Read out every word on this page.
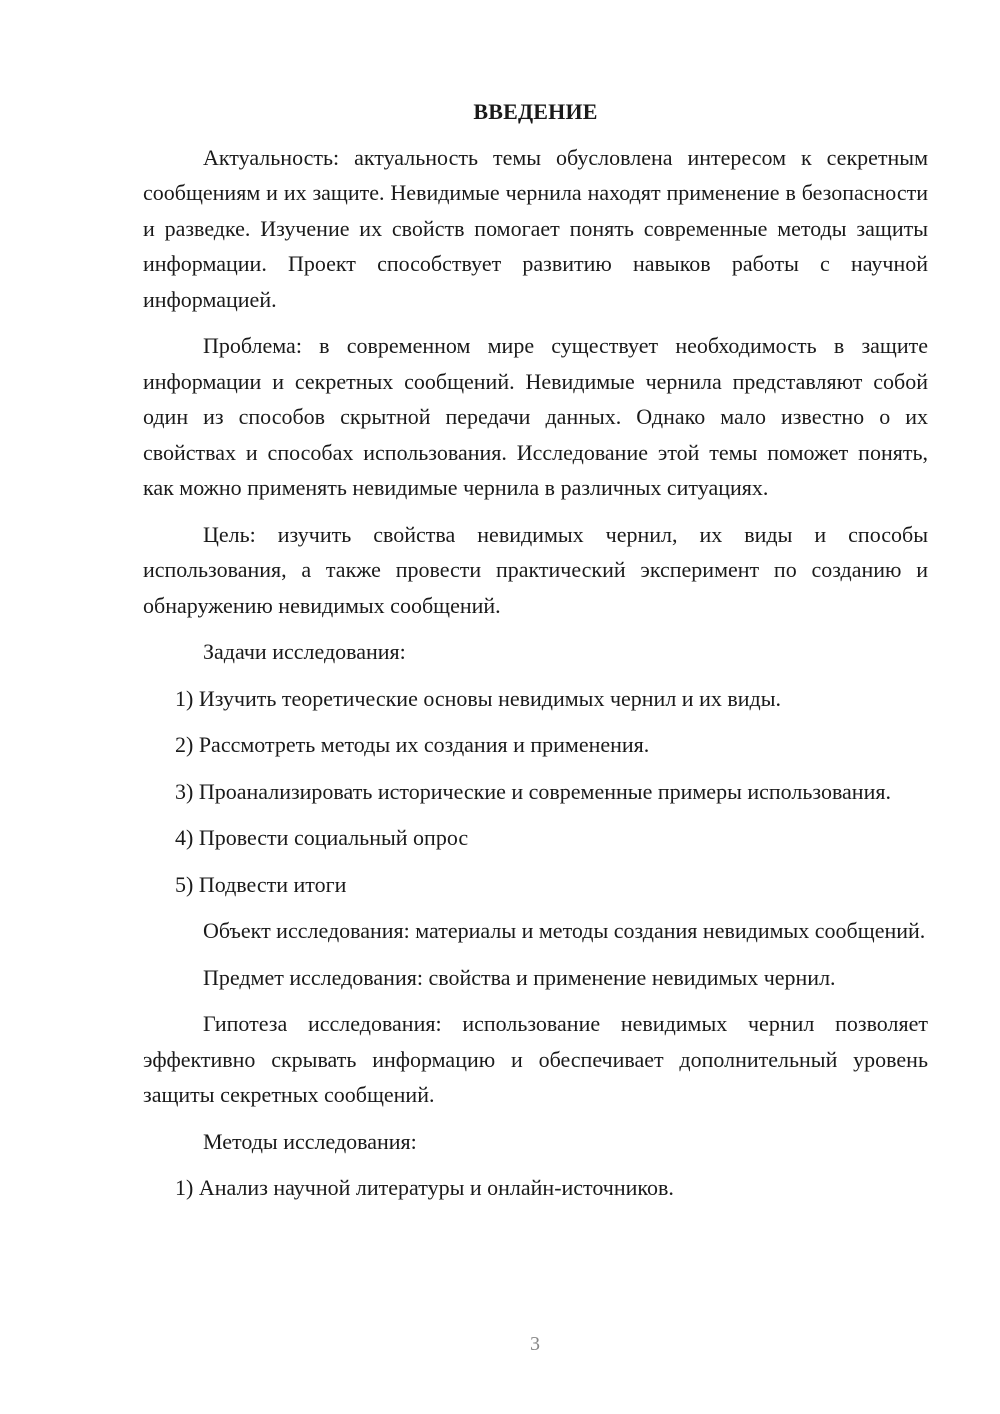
ВВЕДЕНИЕ

Актуальность: актуальность темы обусловлена интересом к секретным сообщениям и их защите. Невидимые чернила находят применение в безопасности и разведке. Изучение их свойств помогает понять современные методы защиты информации. Проект способствует развитию навыков работы с научной информацией.

Проблема: в современном мире существует необходимость в защите информации и секретных сообщений. Невидимые чернила представляют собой один из способов скрытной передачи данных. Однако мало известно о их свойствах и способах использования. Исследование этой темы поможет понять, как можно применять невидимые чернила в различных ситуациях.

Цель: изучить свойства невидимых чернил, их виды и способы использования, а также провести практический эксперимент по созданию и обнаружению невидимых сообщений.

Задачи исследования:

1) Изучить теоретические основы невидимых чернил и их виды.

2) Рассмотреть методы их создания и применения.

3) Проанализировать исторические и современные примеры использования.

4) Провести социальный опрос

5) Подвести итоги

Объект исследования: материалы и методы создания невидимых сообщений.

Предмет исследования: свойства и применение невидимых чернил.

Гипотеза исследования: использование невидимых чернил позволяет эффективно скрывать информацию и обеспечивает дополнительный уровень защиты секретных сообщений.

Методы исследования:

1) Анализ научной литературы и онлайн-источников.

3
